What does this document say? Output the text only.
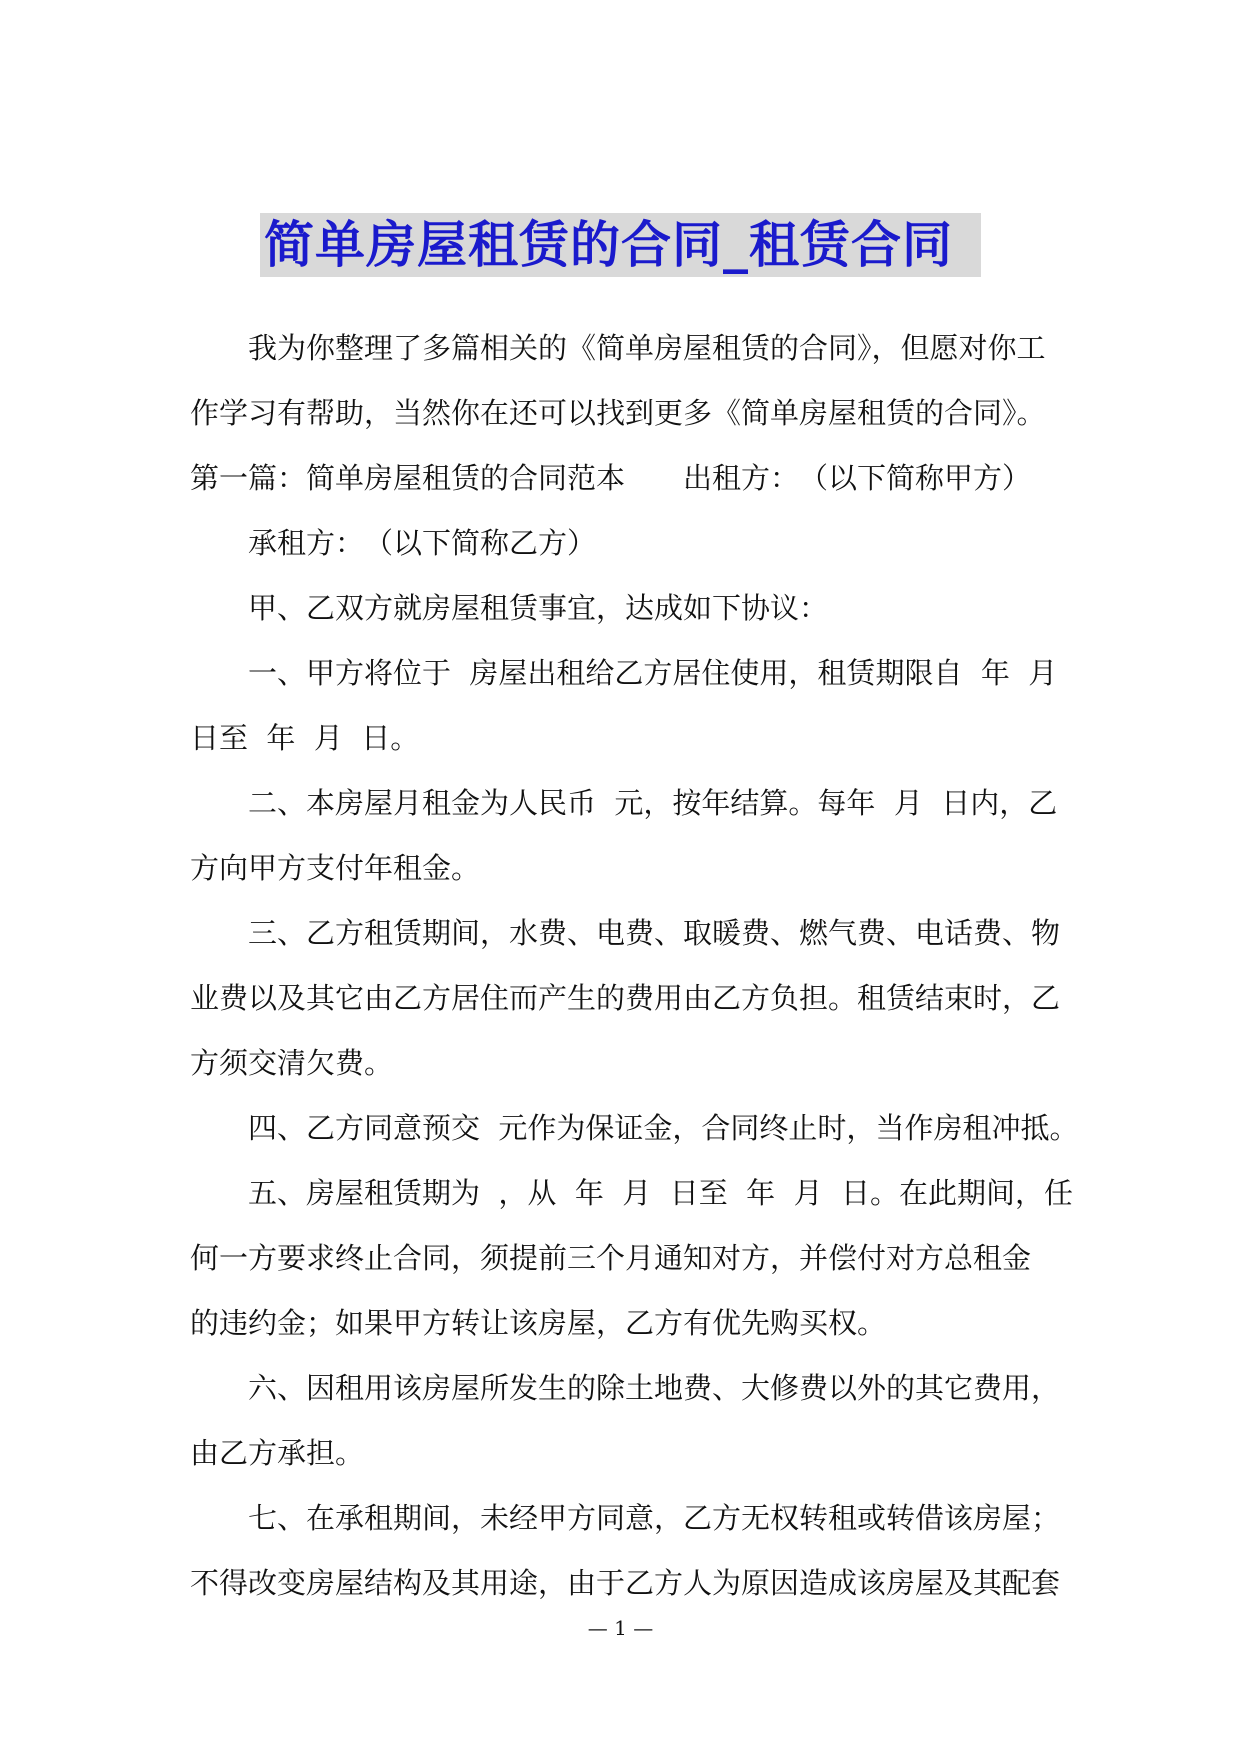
简单房屋租赁的合同_租赁合同
我为你整理了多篇相关的《简单房屋租赁的合同》，但愿对你工
作学习有帮助，当然你在还可以找到更多《简单房屋租赁的合同》。
第一篇：简单房屋租赁的合同范本　　出租方：　（以下简称甲方）
承租方：　（以下简称乙方）
甲、乙双方就房屋租赁事宜，达成如下协议：
一、甲方将位于  房屋出租给乙方居住使用，租赁期限自  年  月
日至  年  月  日。
二、本房屋月租金为人民币  元，按年结算。每年  月  日内，乙
方向甲方支付年租金。
三、乙方租赁期间，水费、电费、取暖费、燃气费、电话费、物
业费以及其它由乙方居住而产生的费用由乙方负担。租赁结束时，乙
方须交清欠费。
四、乙方同意预交  元作为保证金，合同终止时，当作房租冲抵。
五、房屋租赁期为  ，从  年  月  日至  年  月  日。在此期间，任
何一方要求终止合同，须提前三个月通知对方，并偿付对方总租金
的违约金；如果甲方转让该房屋，乙方有优先购买权。
六、因租用该房屋所发生的除土地费、大修费以外的其它费用，
由乙方承担。
七、在承租期间，未经甲方同意，乙方无权转租或转借该房屋；
不得改变房屋结构及其用途，由于乙方人为原因造成该房屋及其配套
— 1 —
